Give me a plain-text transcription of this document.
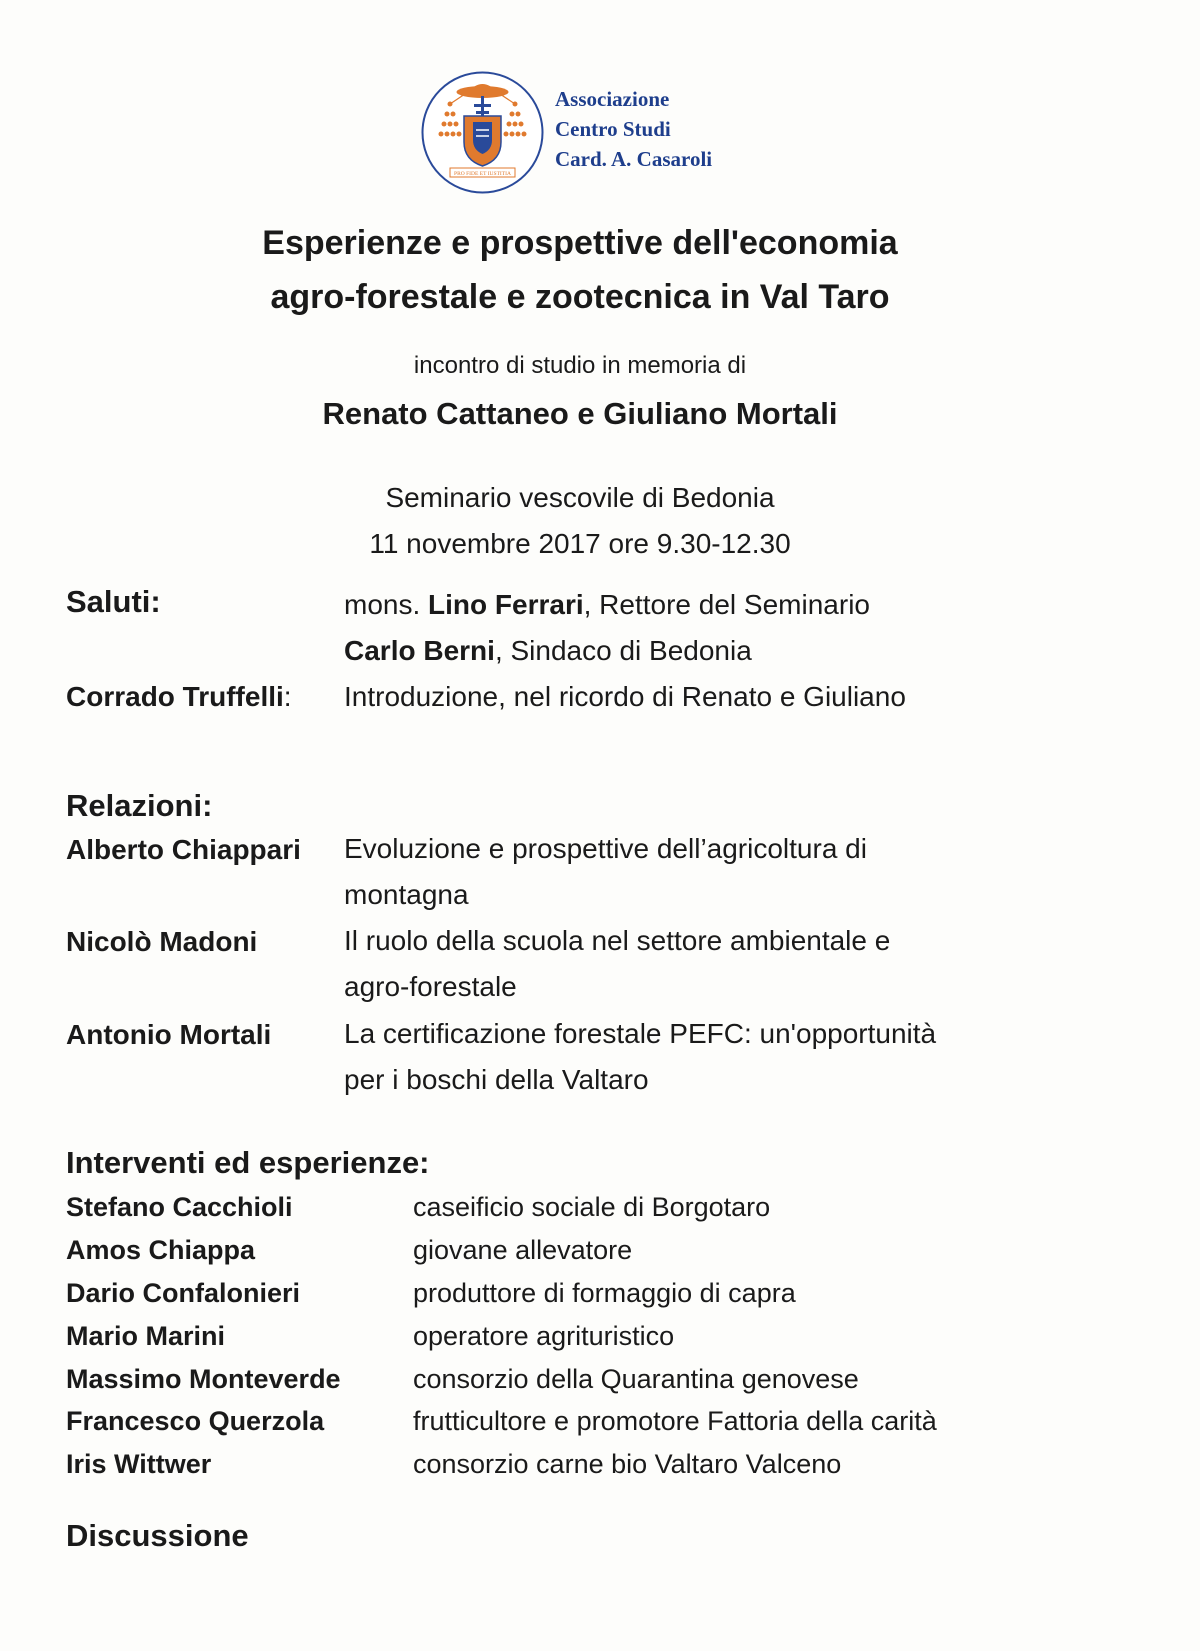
PRO FIDE ET IUSTITIA
Associazione
Centro Studi
Card. A. Casaroli
Esperienze e prospettive dell'economia
agro-forestale e zootecnica in Val Taro
incontro di studio in memoria di
Renato Cattaneo e Giuliano Mortali
Seminario vescovile di Bedonia
11 novembre 2017 ore 9.30-12.30
Saluti:	mons. Lino Ferrari, Rettore del Seminario
Carlo Berni, Sindaco di Bedonia
Corrado Truffelli: Introduzione, nel ricordo di Renato e Giuliano
Relazioni:
Alberto Chiappari Evoluzione e prospettive dell’agricoltura di
montagna
Nicolò Madoni	Il ruolo della scuola nel settore ambientale e
agro-forestale
Antonio Mortali	La certificazione forestale PEFC: un'opportunità
per i boschi della Valtaro
Interventi ed esperienze:
Stefano Cacchioli	caseificio sociale di Borgotaro
Amos Chiappa	giovane allevatore
Dario Confalonieri	produttore di formaggio di capra
Mario Marini	operatore agrituristico
Massimo Monteverde	consorzio della Quarantina genovese
Francesco Querzola	frutticultore e promotore Fattoria della carità
Iris Wittwer	consorzio carne bio Valtaro Valceno
Discussione
